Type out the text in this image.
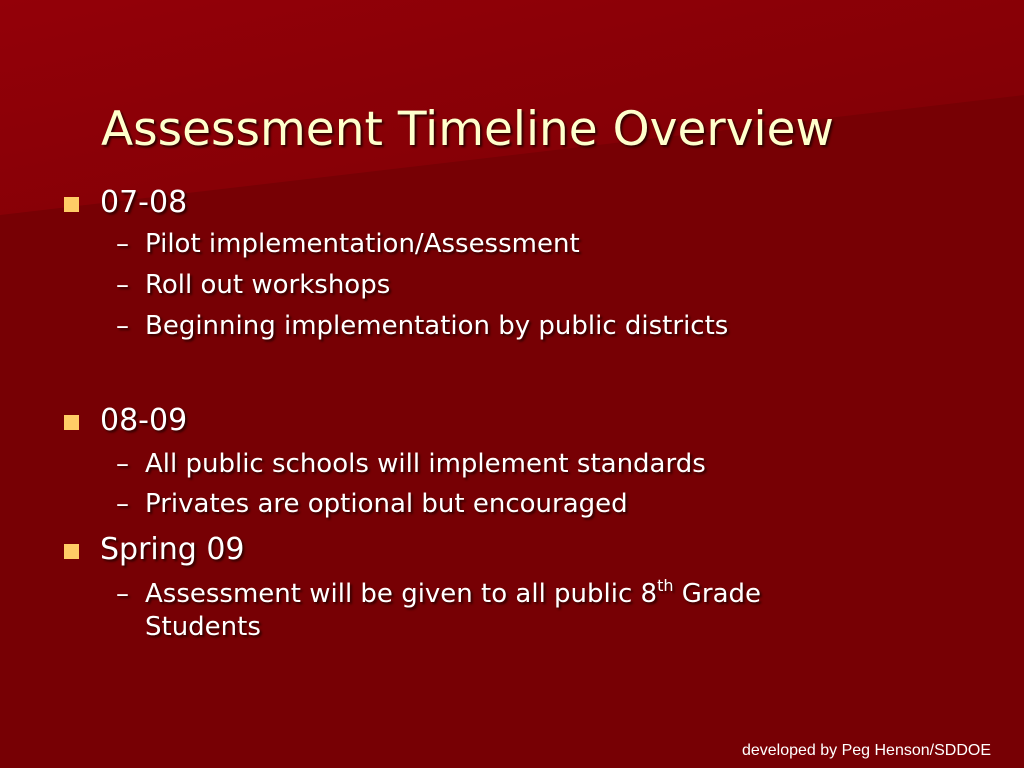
Assessment Timeline Overview
07-08
– Pilot implementation/Assessment
– Roll out workshops
– Beginning implementation by public districts
08-09
– All public schools will implement standards
– Privates are optional but encouraged
Spring 09
– Assessment will be given to all public 8th Grade
Students
developed by Peg Henson/SDDOE
